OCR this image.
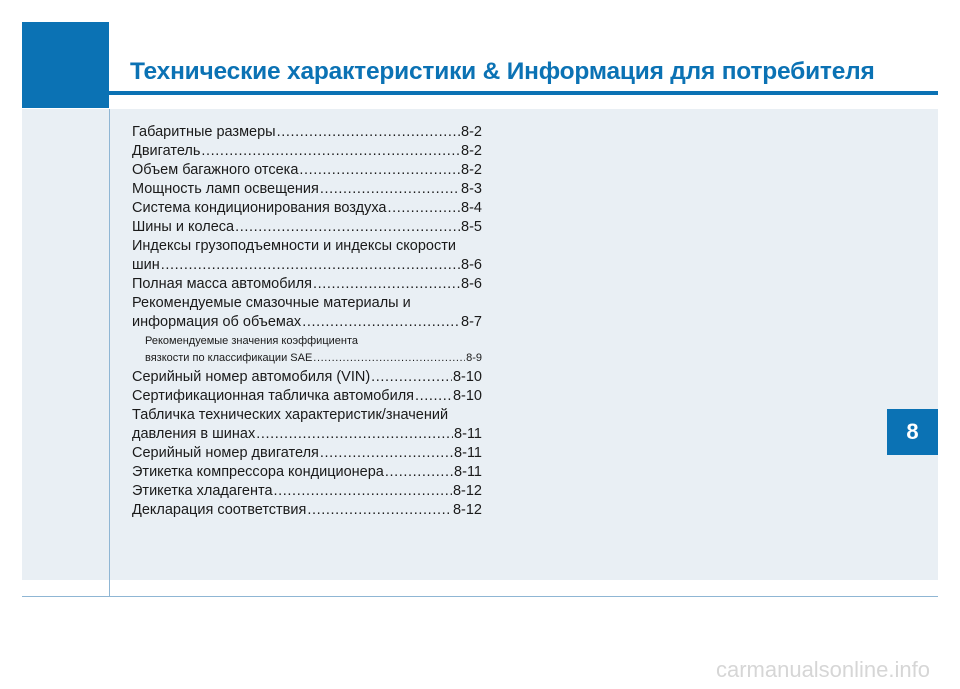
Технические характеристики & Информация для потребителя
Габаритные размеры .....	8-2
Двигатель .....	8-2
Объем багажного отсека .....	8-2
Мощность ламп освещения .....	8-3
Система кондиционирования воздуха .....	8-4
Шины и колеса .....	8-5
Индексы грузоподъемности и индексы скорости
шин .....	8-6
Полная масса автомобиля .....	8-6
Рекомендуемые смазочные материалы и
информация об объемах .....	8-7
Рекомендуемые значения коэффициента
вязкости по классификации SAE .....	8-9
Серийный номер автомобиля (VIN) .....	8-10
Сертификационная табличка автомобиля .....	8-10
Табличка технических характеристик/значений
давления в шинах .....	8-11
Серийный номер двигателя .....	8-11
Этикетка компрессора кондиционера .....	8-11
Этикетка хладагента .....	8-12
Декларация соответствия .....	8-12
8
carmanualsonline.info
